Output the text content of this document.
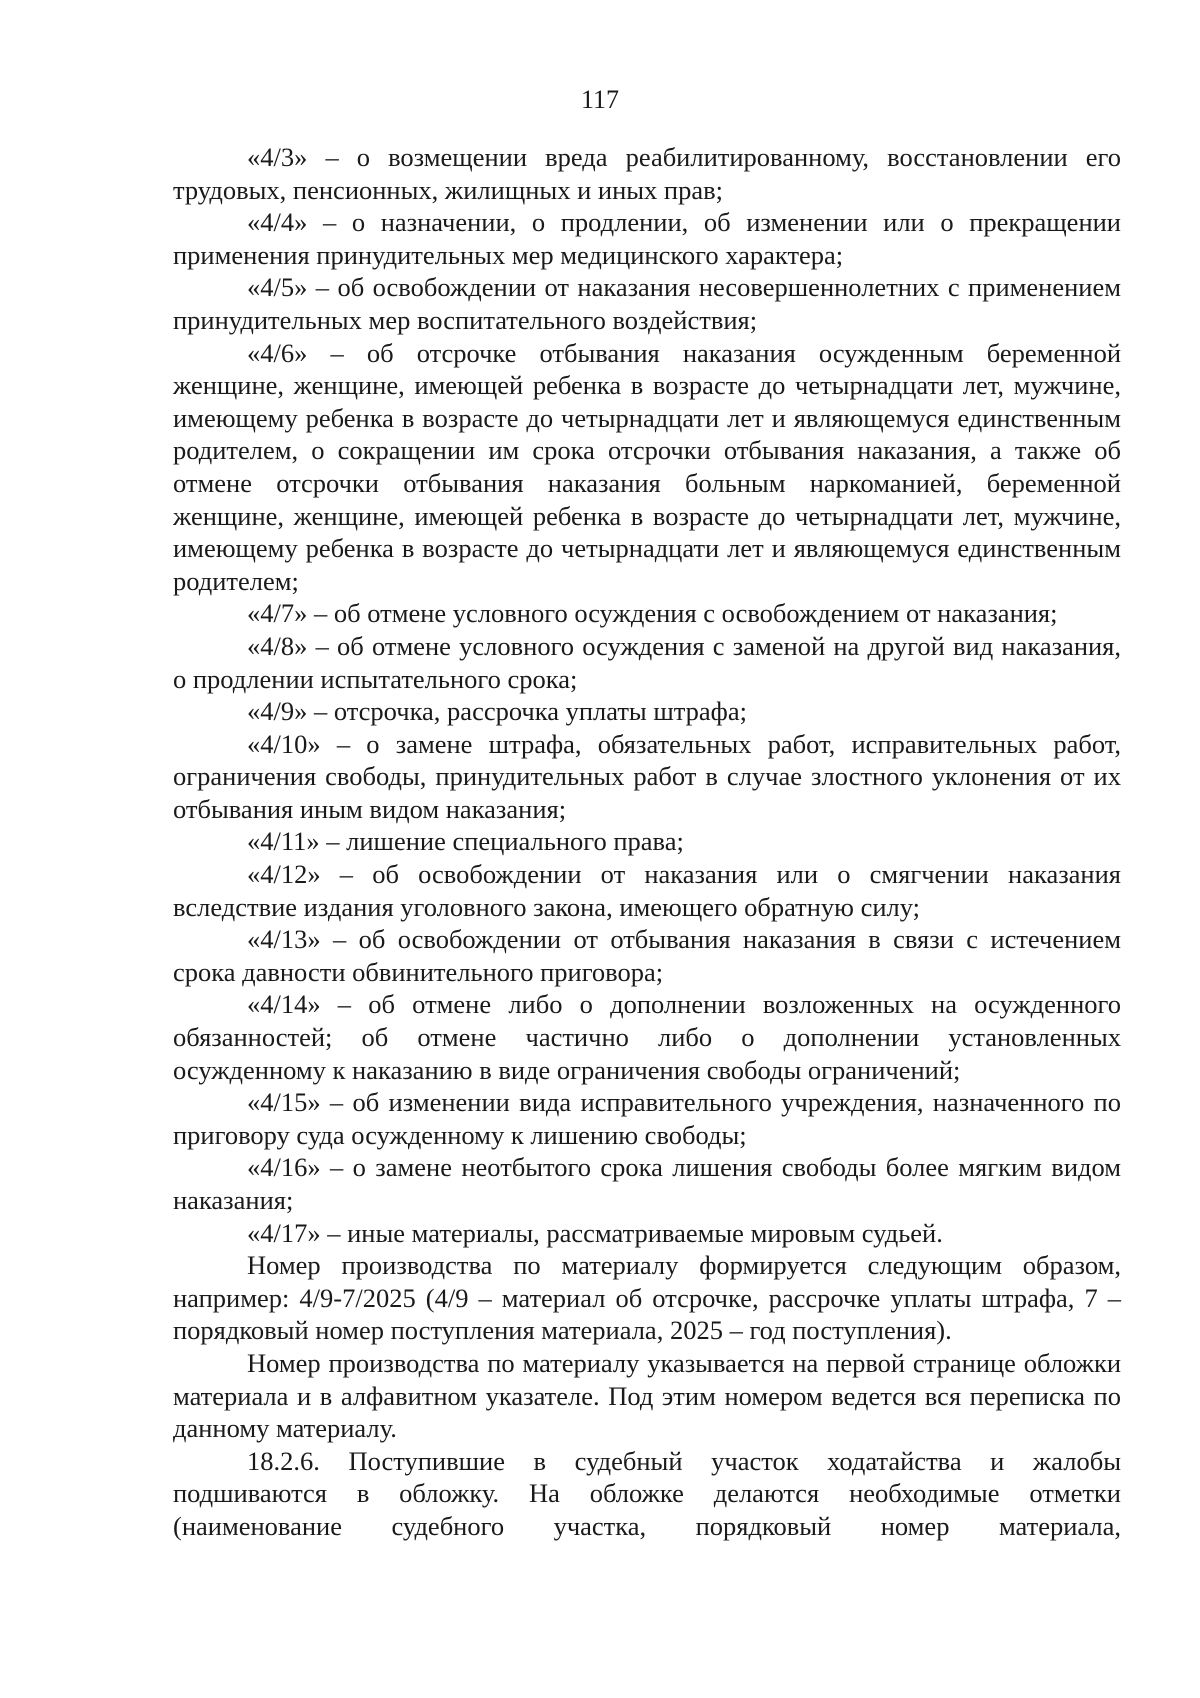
117

«4/3» – о возмещении вреда реабилитированному, восстановлении его трудовых, пенсионных, жилищных и иных прав;

«4/4» – о назначении, о продлении, об изменении или о прекращении применения принудительных мер медицинского характера;

«4/5» – об освобождении от наказания несовершеннолетних с применением принудительных мер воспитательного воздействия;

«4/6» – об отсрочке отбывания наказания осужденным беременной женщине, женщине, имеющей ребенка в возрасте до четырнадцати лет, мужчине, имеющему ребенка в возрасте до четырнадцати лет и являющемуся единственным родителем, о сокращении им срока отсрочки отбывания наказания, а также об отмене отсрочки отбывания наказания больным наркоманией, беременной женщине, женщине, имеющей ребенка в возрасте до четырнадцати лет, мужчине, имеющему ребенка в возрасте до четырнадцати лет и являющемуся единственным родителем;

«4/7» – об отмене условного осуждения с освобождением от наказания;

«4/8» – об отмене условного осуждения с заменой на другой вид наказания, о продлении испытательного срока;

«4/9» – отсрочка, рассрочка уплаты штрафа;

«4/10» – о замене штрафа, обязательных работ, исправительных работ, ограничения свободы, принудительных работ в случае злостного уклонения от их отбывания иным видом наказания;

«4/11» – лишение специального права;

«4/12» – об освобождении от наказания или о смягчении наказания вследствие издания уголовного закона, имеющего обратную силу;

«4/13» – об освобождении от отбывания наказания в связи с истечением срока давности обвинительного приговора;

«4/14» – об отмене либо о дополнении возложенных на осужденного обязанностей; об отмене частично либо о дополнении установленных осужденному к наказанию в виде ограничения свободы ограничений;

«4/15» – об изменении вида исправительного учреждения, назначенного по приговору суда осужденному к лишению свободы;

«4/16» – о замене неотбытого срока лишения свободы более мягким видом наказания;

«4/17» – иные материалы, рассматриваемые мировым судьей.

Номер производства по материалу формируется следующим образом, например: 4/9-7/2025 (4/9 – материал об отсрочке, рассрочке уплаты штрафа, 7 – порядковый номер поступления материала, 2025 – год поступления).

Номер производства по материалу указывается на первой странице обложки материала и в алфавитном указателе. Под этим номером ведется вся переписка по данному материалу.

18.2.6. Поступившие в судебный участок ходатайства и жалобы подшиваются в обложку. На обложке делаются необходимые отметки (наименование судебного участка, порядковый номер материала,
